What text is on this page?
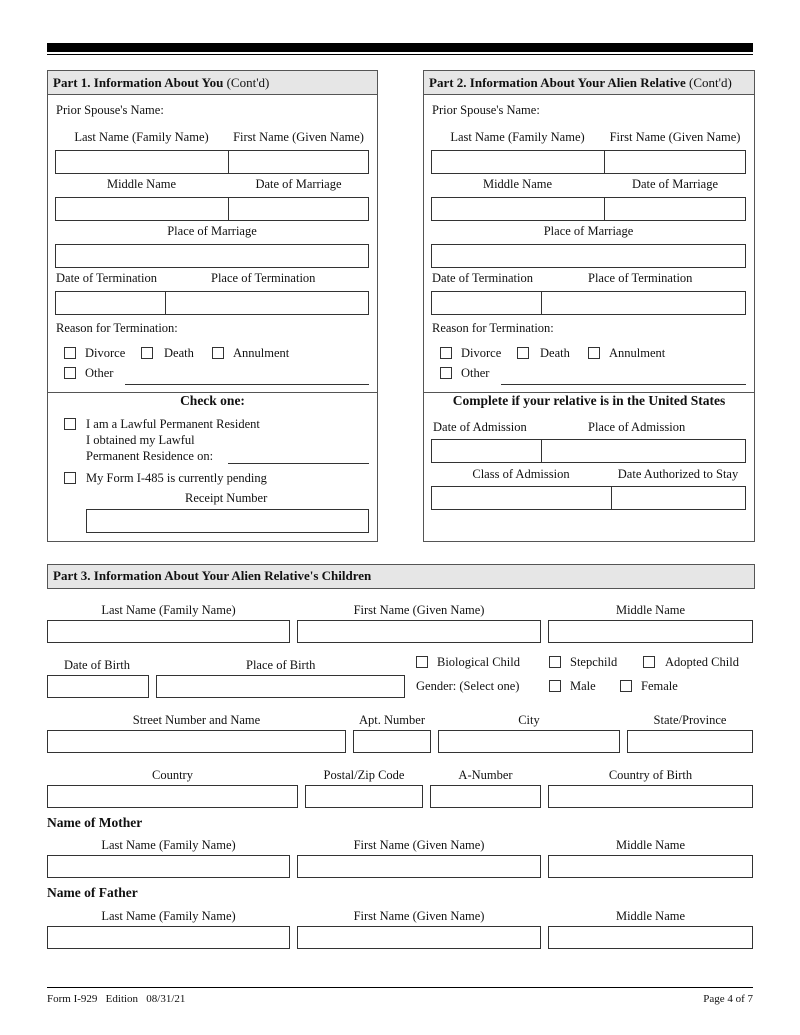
Part 1. Information About You (Cont'd)
Prior Spouse's Name:
Last Name (Family Name)	First Name (Given Name)
Middle Name	Date of Marriage
Place of Marriage
Date of Termination	Place of Termination
Reason for Termination:
Divorce	Death	Annulment
Other
Check one:
I am a Lawful Permanent Resident
I obtained my Lawful
Permanent Residence on:
My Form I-485 is currently pending
Receipt Number
Part 2. Information About Your Alien Relative (Cont'd)
Prior Spouse's Name:
Last Name (Family Name)	First Name (Given Name)
Middle Name	Date of Marriage
Place of Marriage
Date of Termination	Place of Termination
Reason for Termination:
Divorce	Death	Annulment
Other
Complete if your relative is in the United States
Date of Admission	Place of Admission
Class of Admission	Date Authorized to Stay
Part 3. Information About Your Alien Relative's Children
Last Name (Family Name)	First Name (Given Name)	Middle Name
Date of Birth	Place of Birth	Biological Child	Stepchild	Adopted Child
Gender: (Select one)	Male	Female
Street Number and Name	Apt. Number	City	State/Province
Country	Postal/Zip Code	A-Number	Country of Birth
Name of Mother
Last Name (Family Name)	First Name (Given Name)	Middle Name
Name of Father
Last Name (Family Name)	First Name (Given Name)	Middle Name
Form I-929   Edition   08/31/21	Page 4 of 7
